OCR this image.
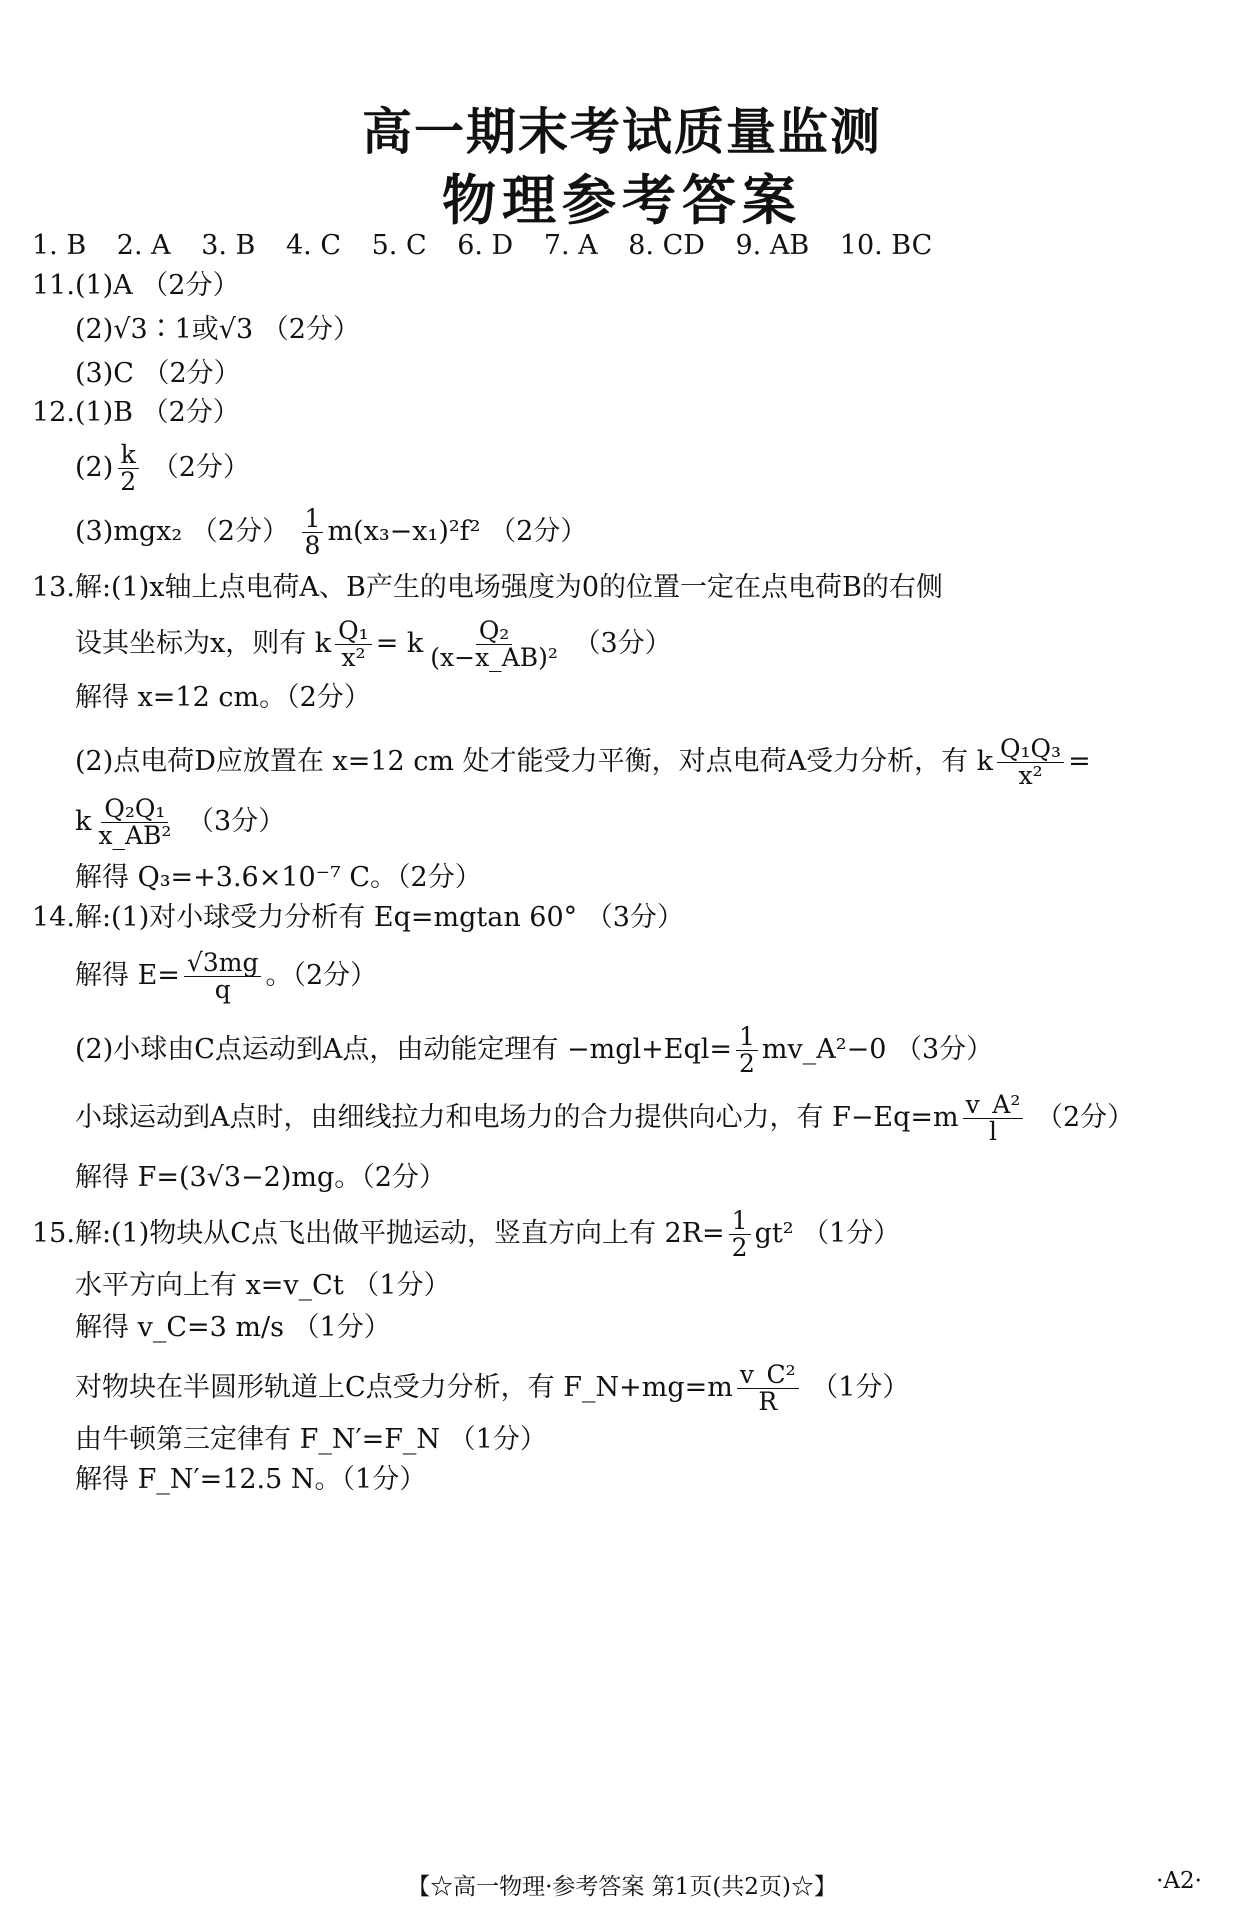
高一期末考试质量监测
物理参考答案
1. B 2. A 3. B 4. C 5. C 6. D 7. A 8. CD 9. AB 10. BC
11.(1)A （2分）
(2)√3∶1或√3 （2分）
(3)C （2分）
12.(1)B （2分）
$(2) \frac{k}{2} (2$分）
(3)mgx₂ （2分） $\frac{1}{8} m(x_3-x_1)^2f^2$ （2分）
13.解:(1)x轴上点电荷A、B产生的电场强度为0的位置一定在点电荷B的右侧
设其坐标为x，则有 k $\frac{\text{Q₁}}{\text{x²}} = k \frac{\text{Q₂}}{\text{(x−x\_AB)²}} (3$分）
解得 x=12 cm。（2分）
(2)点电荷D应放置在 x=12 cm 处才能受力平衡，对点电荷A受力分析，有 k $\frac{\text{Q₁Q₃}}{\text{x²}}$ =
k $\frac{\text{Q₂Q₁}}{\text{x\_AB²}} (3$分）
解得 Q₃=+3.6×10⁻⁷ C。（2分）
14.解:(1)对小球受力分析有 Eq=mgtan 60° （3分）
解得 $E= \frac{√3mg}{q}$ 。（2分）
(2)小球由C点运动到A点，由动能定理有 $-mgl+Eql= \frac{1}{2}$ mv_A²−0 （3分）
小球运动到A点时，由细线拉力和电场力的合力提供向心力，有 $F-Eq=m \frac{\text{v\_A²}}{l} (2$分）
解得 F=(3√3−2)mg。（2分）
15.解:(1)物块从C点飞出做平抛运动，竖直方向上有 $2R= \frac{1}{2} gt^2$ （1分）
水平方向上有 x=v_Ct （1分）
解得 v_C=3 m/s （1分）
对物块在半圆形轨道上C点受力分析，有 F_N+mg=m $\frac{\text{v\_C²}}{R} (1$分）
由牛顿第三定律有 F_N′=F_N （1分）
解得 F_N′=12.5 N。（1分）
【☆高一物理·参考答案 第1页(共2页)☆】	·A2·
